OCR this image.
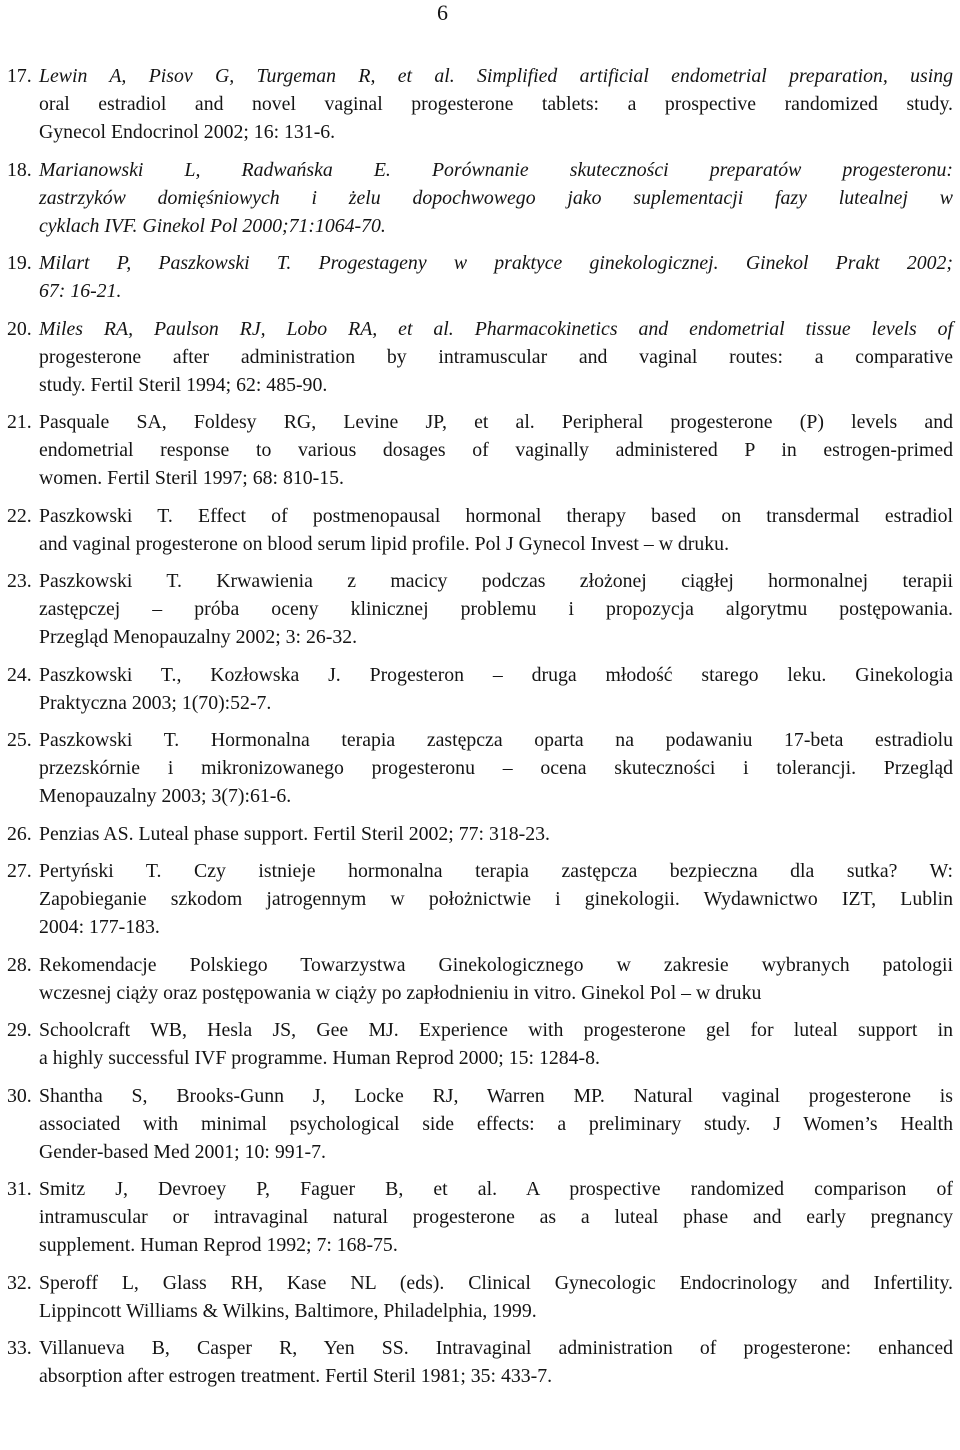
6
17. Lewin A, Pisov G, Turgeman R, et al. Simplified artificial endometrial preparation, using
oral estradiol and novel vaginal progesterone tablets: a prospective randomized study.
Gynecol Endocrinol 2002; 16: 131-6.
18. Marianowski L, Radwańska E. Porównanie skuteczności preparatów progesteronu:
zastrzyków domięśniowych i żelu dopochwowego jako suplementacji fazy lutealnej w
cyklach IVF. Ginekol Pol 2000;71:1064-70.
19. Milart P, Paszkowski T. Progestageny w praktyce ginekologicznej. Ginekol Prakt 2002;
67: 16-21.
20. Miles RA, Paulson RJ, Lobo RA, et al. Pharmacokinetics and endometrial tissue levels of
progesterone after administration by intramuscular and vaginal routes: a comparative
study. Fertil Steril 1994; 62: 485-90.
21. Pasquale SA, Foldesy RG, Levine JP, et al. Peripheral progesterone (P) levels and
endometrial response to various dosages of vaginally administered P in estrogen-primed
women. Fertil Steril 1997; 68: 810-15.
22. Paszkowski T. Effect of postmenopausal hormonal therapy based on transdermal estradiol
and vaginal progesterone on blood serum lipid profile. Pol J Gynecol Invest – w druku.
23. Paszkowski T. Krwawienia z macicy podczas złożonej ciągłej hormonalnej terapii
zastępczej – próba oceny klinicznej problemu i propozycja algorytmu postępowania.
Przegląd Menopauzalny 2002; 3: 26-32.
24. Paszkowski T., Kozłowska J. Progesteron – druga młodość starego leku. Ginekologia
Praktyczna 2003; 1(70):52-7.
25. Paszkowski T. Hormonalna terapia zastępcza oparta na podawaniu 17-beta estradiolu
przezskórnie i mikronizowanego progesteronu – ocena skuteczności i tolerancji. Przegląd
Menopauzalny 2003; 3(7):61-6.
26. Penzias AS. Luteal phase support. Fertil Steril 2002; 77: 318-23.
27. Pertyński T. Czy istnieje hormonalna terapia zastępcza bezpieczna dla sutka? W:
Zapobieganie szkodom jatrogennym w położnictwie i ginekologii. Wydawnictwo IZT, Lublin
2004: 177-183.
28. Rekomendacje Polskiego Towarzystwa Ginekologicznego w zakresie wybranych patologii
wczesnej ciąży oraz postępowania w ciąży po zapłodnieniu in vitro. Ginekol Pol – w druku
29. Schoolcraft WB, Hesla JS, Gee MJ. Experience with progesterone gel for luteal support in
a highly successful IVF programme. Human Reprod 2000; 15: 1284-8.
30. Shantha S, Brooks-Gunn J, Locke RJ, Warren MP. Natural vaginal progesterone is
associated with minimal psychological side effects: a preliminary study. J Women’s Health
Gender-based Med 2001; 10: 991-7.
31. Smitz J, Devroey P, Faguer B, et al. A prospective randomized comparison of
intramuscular or intravaginal natural progesterone as a luteal phase and early pregnancy
supplement. Human Reprod 1992; 7: 168-75.
32. Speroff L, Glass RH, Kase NL (eds). Clinical Gynecologic Endocrinology and Infertility.
Lippincott Williams & Wilkins, Baltimore, Philadelphia, 1999.
33. Villanueva B, Casper R, Yen SS. Intravaginal administration of progesterone: enhanced
absorption after estrogen treatment. Fertil Steril 1981; 35: 433-7.
